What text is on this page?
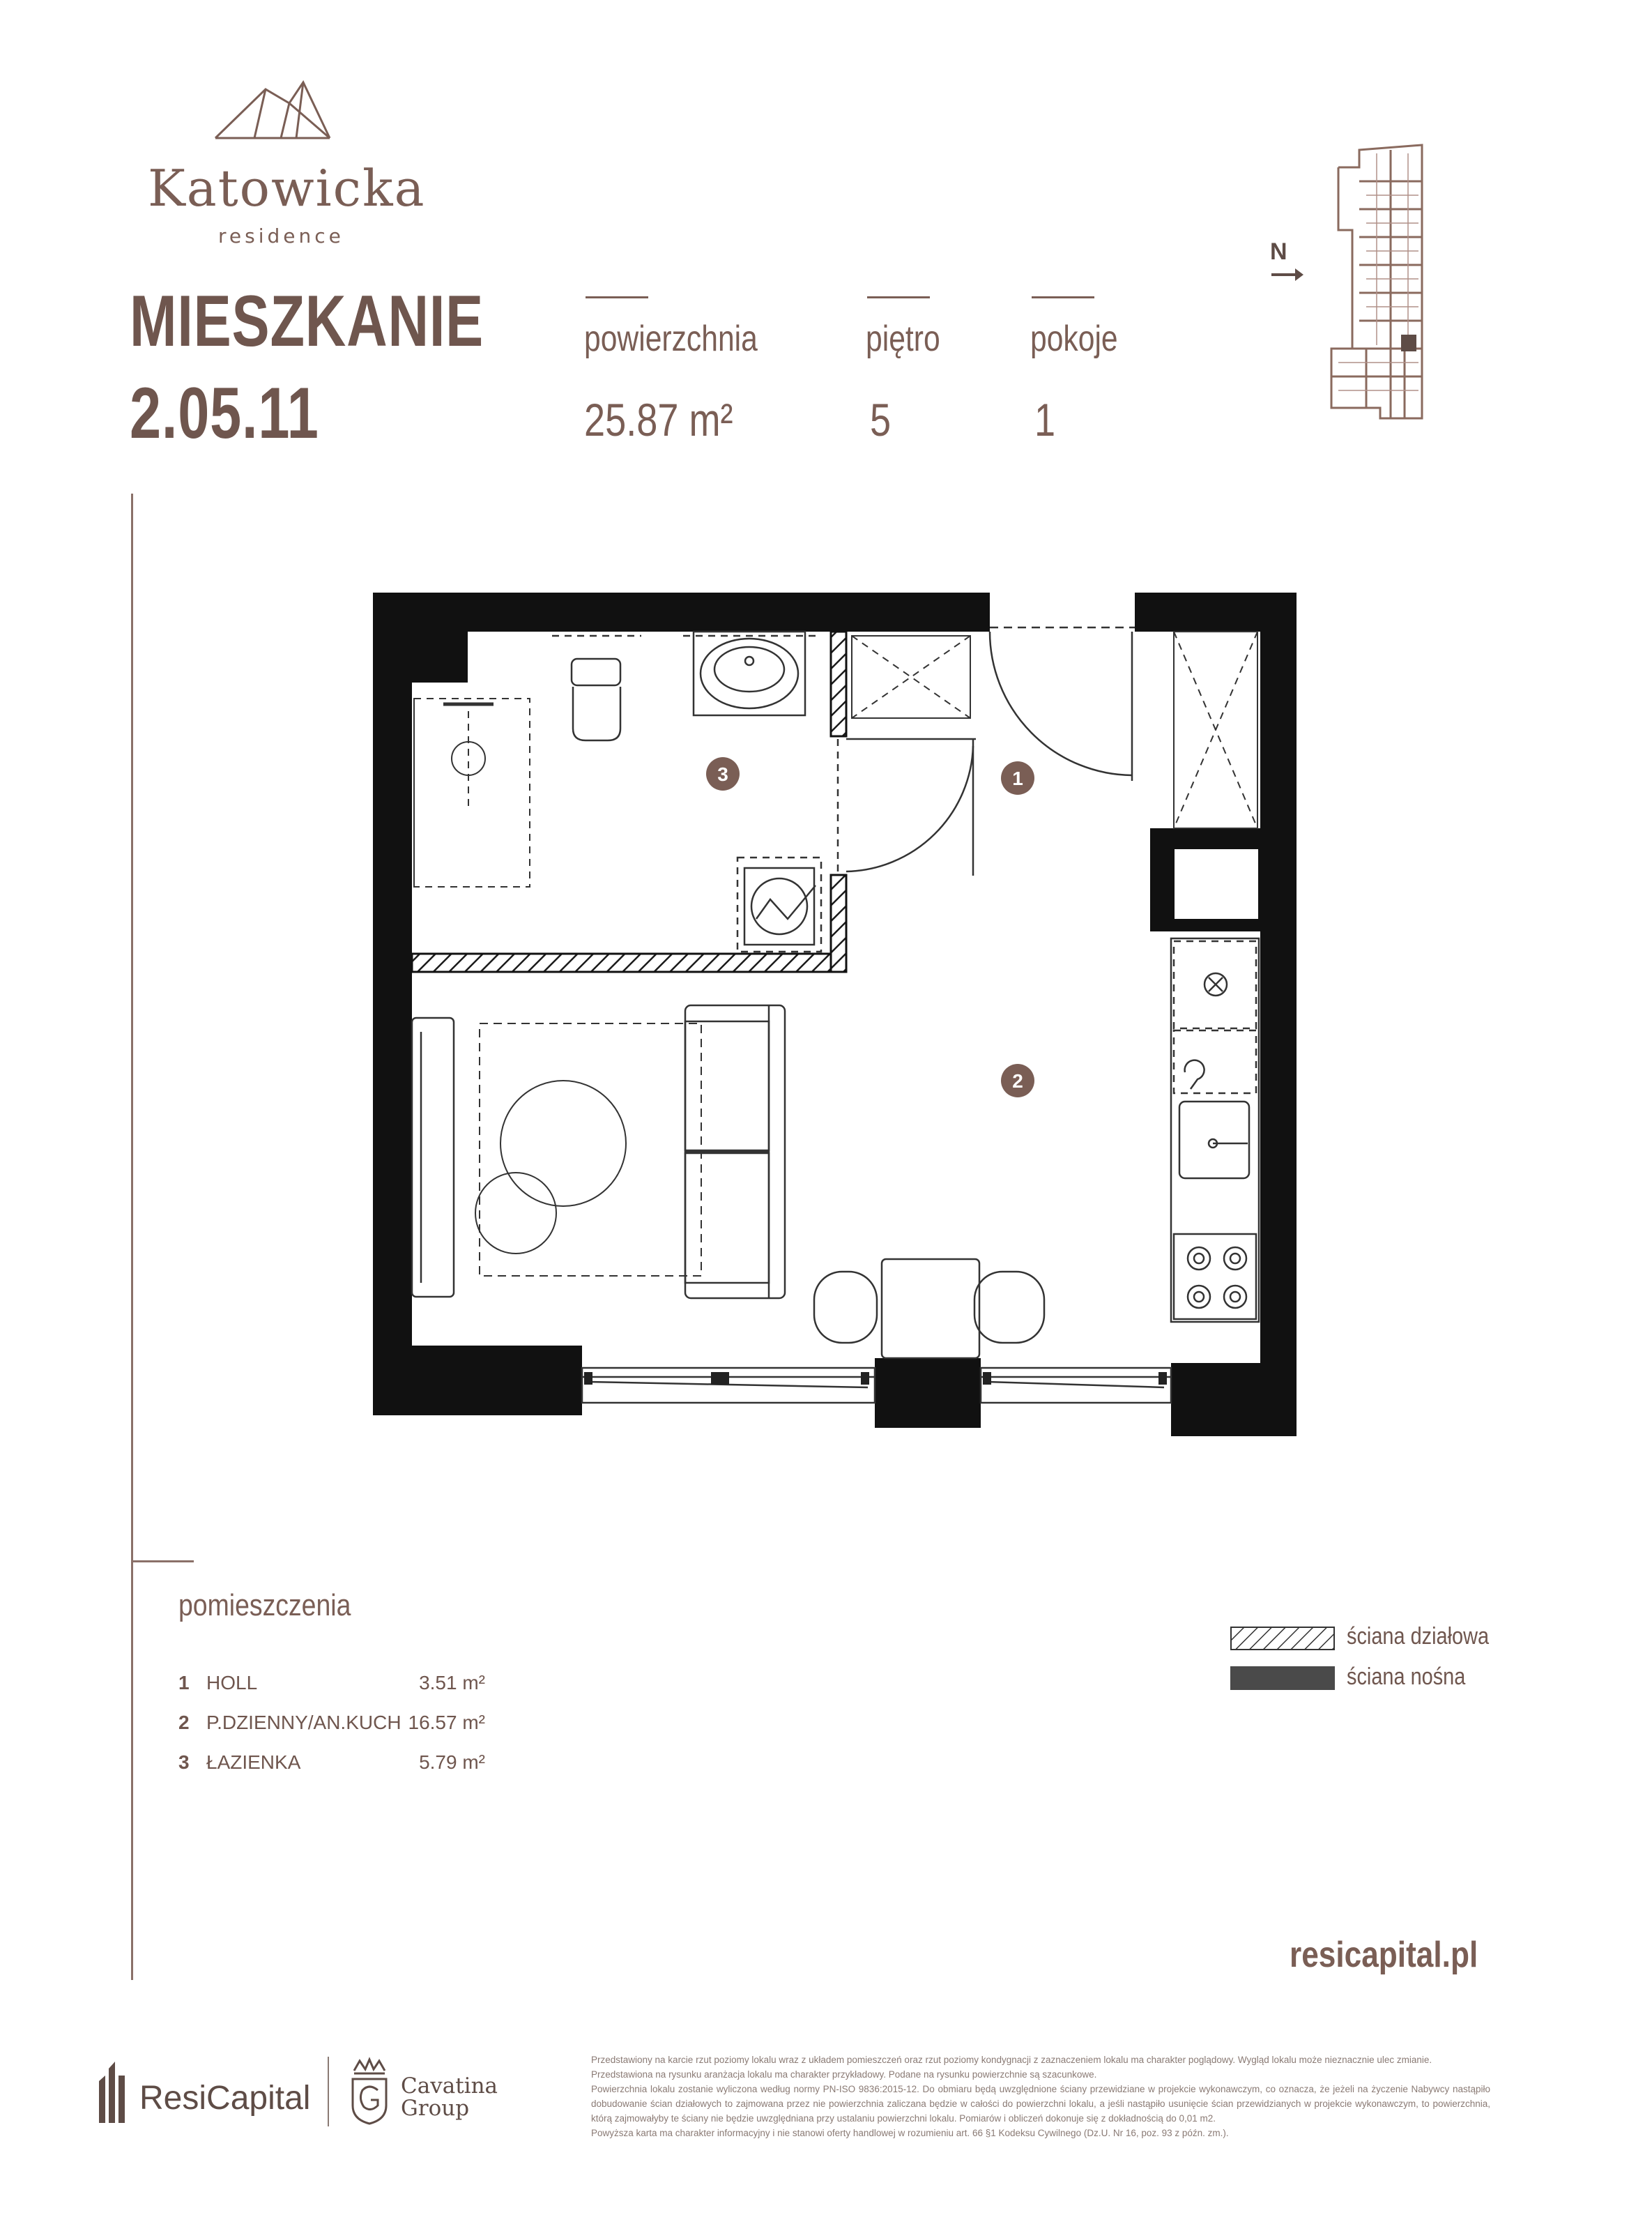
Katowicka
residence
MIESZKANIE
2.05.11
powierzchnia
25.87 m²
piętro
5
pokoje
1
N
1
2
3
pomieszczenia
1 HOLL	3.51 m²
2 P.DZIENNY/AN.KUCH 16.57 m²
3 ŁAZIENKA	5.79 m²
ściana działowa
ściana nośna
resicapital.pl
ResiCapital	Cavatina
Group
Przedstawiony na karcie rzut poziomy lokalu wraz z układem pomieszczeń oraz rzut poziomy kondygnacji z zaznaczeniem lokalu ma charakter poglądowy. Wygląd lokalu może nieznacznie ulec zmianie.
Przedstawiona na rysunku aranżacja lokalu ma charakter przykładowy. Podane na rysunku powierzchnie są szacunkowe.
Powierzchnia lokalu zostanie wyliczona według normy PN-ISO 9836:2015-12. Do obmiaru będą uwzględnione ściany przewidziane w projekcie wykonawczym, co oznacza, że jeżeli na życzenie Nabywcy nastąpiło dobudowanie ścian działowych to zajmowana przez nie powierzchnia zaliczana będzie w całości do powierzchni lokalu, a jeśli nastąpiło usunięcie ścian przewidzianych w projekcie wykonawczym, to powierzchnia, którą zajmowałyby te ściany nie będzie uwzględniana przy ustalaniu powierzchni lokalu. Pomiarów i obliczeń dokonuje się z dokładnością do 0,01 m2.
Powyższa karta ma charakter informacyjny i nie stanowi oferty handlowej w rozumieniu art. 66 §1 Kodeksu Cywilnego (Dz.U. Nr 16, poz. 93 z późn. zm.).
